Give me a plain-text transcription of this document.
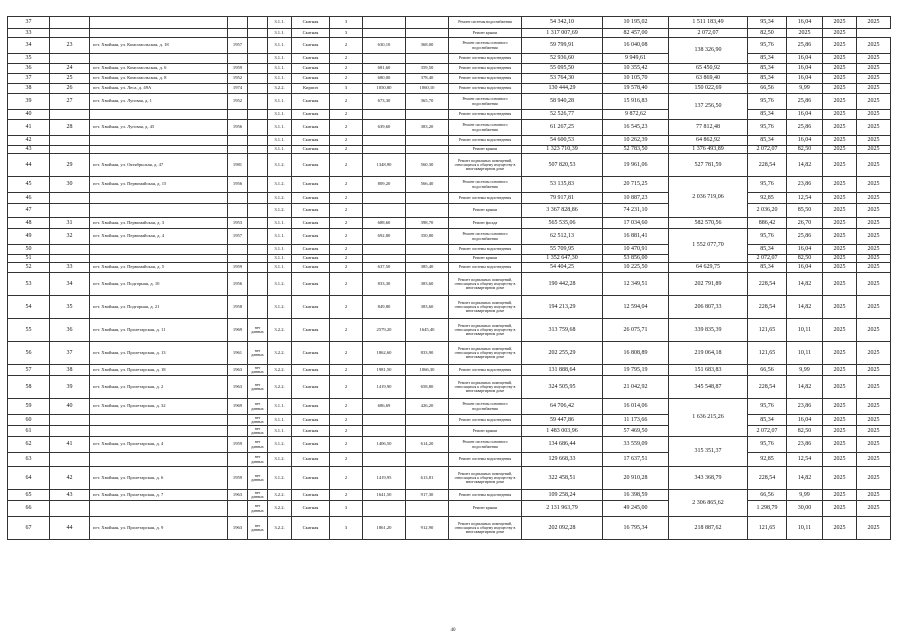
37					3.1.1.	Скатная	3			Ремонт системы водоснабжения	54 342,10	10 195,02	1 511 183,49	95,34	16,04	2025	2025
33					3.1.1.	Скатная	3			Ремонт крыши	1 317 007,69	82 457,00	2 072,07	82,50	2025	2025	
34	23	пгт. Хвойная, ул. Комсомольская, д. 18	1957		3.1.1.	Скатная	2	630,10	368,00	Ремонт системы основного водоснабжения	59 799,91	16 040,08	138 326,90	95,76	25,86	2025	2025
35					3.1.1.	Скатная	2			Ремонт системы водоотведения	52 936,60	9 949,61		85,34	16,04	2025	2025
36	24	пгт. Хвойная, ул. Комсомольская, д. 6	1959		3.1.1.	Скатная	2	681,60	359,50	Ремонт системы водоотведения	55 095,50	10 355,42	65 450,92	85,34	16,04	2025	2025
37	25	пгт. Хвойная, ул. Комсомольская, д. 8	1952		3.1.1.	Скатная	2	680,00	378,40	Ремонт системы водоотведения	53 764,30	10 105,70	63 869,40	85,34	16,04	2025	2025
38	26	пгт. Хвойная, ул. Леса, д. 49А	1974		3.2.2.	Кирпич	3	1050,80	1060,10	Ремонт системы водоотведения	130 444,29	19 578,40	150 022,69	66,56	9,99	2025	2025
39	27	пгт. Хвойная, ул. Луговая, д. 1	1952		3.1.1.	Скатная	2	673,30	365,70	Ремонт системы основного водоснабжения	58 940,28	15 916,83	137 256,50	95,76	25,86	2025	2025
40					3.1.1.	Скатная	2			Ремонт системы водоотведения	52 526,77	9 872,62		85,34	16,04	2025	2025
41	28	пгт. Хвойная, ул. Луговая, д. 45	1956		3.1.1.	Скатная	2	639,60	383,20	Ремонт системы основного водоснабжения	61 267,25	16 545,23	77 812,48	95,76	25,86	2025	2025
42					3.1.1.	Скатная	2			Ремонт системы водоотведения	54 600,53	10 262,39	64 862,92	85,34	16,04	2025	2025
43					3.1.1.	Скатная	2			Ремонт крыши	1 323 710,39	52 783,50	1 376 493,89	2 072,07	82,50	2025	2025
44	29	пгт. Хвойная, ул. Октябрьская, д. 47	1981		3.1.2.	Скатная	2	1348,90	560,30	Ремонт подвальных помещений, относящихся к общему имуществу в многоквартирном доме	507 820,53	19 961,06	527 781,59	228,54	14,82	2025	2025
45	30	пгт. Хвойная, ул. Первомайская, д. 15	1956		3.1.2.	Скатная	2	809,20	566,40	Ремонт системы основного водоснабжения	53 135,83	20 715,25	2 036 719,06	95,76	23,86	2025	2025
46					3.1.2.	Скатная	2			Ремонт системы водоотведения	79 917,81	10 887,23		92,85	12,54	2025	2025
47					3.1.2.	Скатная	2			Ремонт крыши	3 367 828,86	74 231,10		2 036,20	85,50	2025	2025
48	31	пгт. Хвойная, ул. Первомайская, д. 3	1953		3.1.1.	Скатная	2	688,60	398,70	Ремонт фасада	565 535,06	17 034,60	582 570,56	886,42	26,70	2025	2025
49	32	пгт. Хвойная, ул. Первомайская, д. 4	1957		3.1.1.	Скатная	2	692,80	350,80	Ремонт системы основного водоснабжения	62 512,13	16 881,41	1 552 077,70	95,76	25,86	2025	2025
50					3.1.1.	Скатная	2			Ремонт системы водоотведения	55 709,95	10 470,91		85,34	16,04	2025	2025
51					3.1.1.	Скатная	2			Ремонт крыши	1 352 647,30	53 856,00		2 072,07	82,50	2025	2025
52	33	пгт. Хвойная, ул. Первомайская, д. 5	1959		3.1.1.	Скатная	2	637,50	385,40	Ремонт системы водоотведения	54 404,25	10 225,50	64 629,75	85,34	16,04	2025	2025
53	34	пгт. Хвойная, ул. Подгорная, д. 10	1956		3.1.2.	Скатная	2	833,30	383,60	Ремонт подвальных помещений, относящихся к общему имуществу в многоквартирном доме	190 442,28	12 349,51	202 791,89	228,54	14,82	2025	2025
54	35	пгт. Хвойная, ул. Подгорная, д. 21	1958		3.1.2.	Скатная	2	849,80	383,60	Ремонт подвальных помещений, относящихся к общему имуществу в многоквартирном доме	194 213,29	12 594,04	206 807,33	228,54	14,82	2025	2025
55	36	пгт. Хвойная, ул. Пролетарская, д. 11	1969	нет данных	3.2.2.	Скатная	2	2579,20	1645,40	Ремонт подвальных помещений, относящихся к общему имуществу в многоквартирном доме	313 759,68	26 075,71	339 835,39	121,65	10,11	2025	2025
56	37	пгт. Хвойная, ул. Пролетарская, д. 13	1961	нет данных	3.2.2.	Скатная	2	1862,60	833,90	Ремонт подвальных помещений, относящихся к общему имуществу в многоквартирном доме	202 255,29	16 808,89	219 064,18	121,65	10,11	2025	2025
57	38	пгт. Хвойная, ул. Пролетарская, д. 18	1963	нет данных	3.2.2.	Скатная	2	1981,50	1066,30	Ремонт системы водоотведения	131 888,64	19 795,19	151 683,83	66,56	9,99	2025	2025
58	39	пгт. Хвойная, ул. Пролетарская, д. 2	1963	нет данных	3.2.2.	Скатная	2	1419,90	658,80	Ремонт подвальных помещений, относящихся к общему имуществу в многоквартирном доме	324 505,95	21 042,92	345 548,87	228,54	14,82	2025	2025
59	40	пгт. Хвойная, ул. Пролетарская, д. 32	1969	нет данных	3.1.1.	Скатная	2	686,69	426,20	Ремонт системы основного водоснабжения	64 706,42	16 014,06	1 636 215,26	95,76	23,86	2025	2025
60				нет данных	3.1.1.	Скатная	2			Ремонт системы водоотведения	59 447,86	11 173,66		85,34	16,04	2025	2025
61				нет данных	3.1.1.	Скатная	2			Ремонт крыши	1 483 003,96	57 469,50		2 072,07	82,50	2025	2025
62	41	пгт. Хвойная, ул. Пролетарская, д. 4	1959	нет данных	3.1.2.	Скатная	2	1406,50	614,20	Ремонт системы основного водоснабжения	134 686,44	33 559,09	315 351,37	95,76	23,86	2025	2025
63				нет данных	3.1.2.	Скатная	2			Ремонт системы водоотведения	129 668,33	17 637,51		92,85	12,54	2025	2025
64	42	пгт. Хвойная, ул. Пролетарская, д. 6	1959	нет данных	3.1.2.	Скатная	2	1419,95	613,81	Ремонт подвальных помещений, относящихся к общему имуществу в многоквартирном доме	322 458,51	20 910,28	343 368,79	228,54	14,82	2025	2025
65	43	пгт. Хвойная, ул. Пролетарская, д. 7	1963	нет данных	3.2.2.	Скатная	2	1641,50	917,30	Ремонт системы водоотведения	109 258,24	16 398,59	2 306 865,62	66,56	9,99	2025	2025
66				нет данных	3.2.2.	Скатная	3			Ремонт крыши	2 131 963,79	49 245,00		1 298,79	30,00	2025	2025
67	44	пгт. Хвойная, ул. Пролетарская, д. 9	1963	нет данных	3.2.2.	Скатная	3	1861,20	912,90	Ремонт подвальных помещений, относящихся к общему имуществу в многоквартирном доме	202 092,28	16 795,34	218 887,62	121,65	10,11	2025	2025
40
